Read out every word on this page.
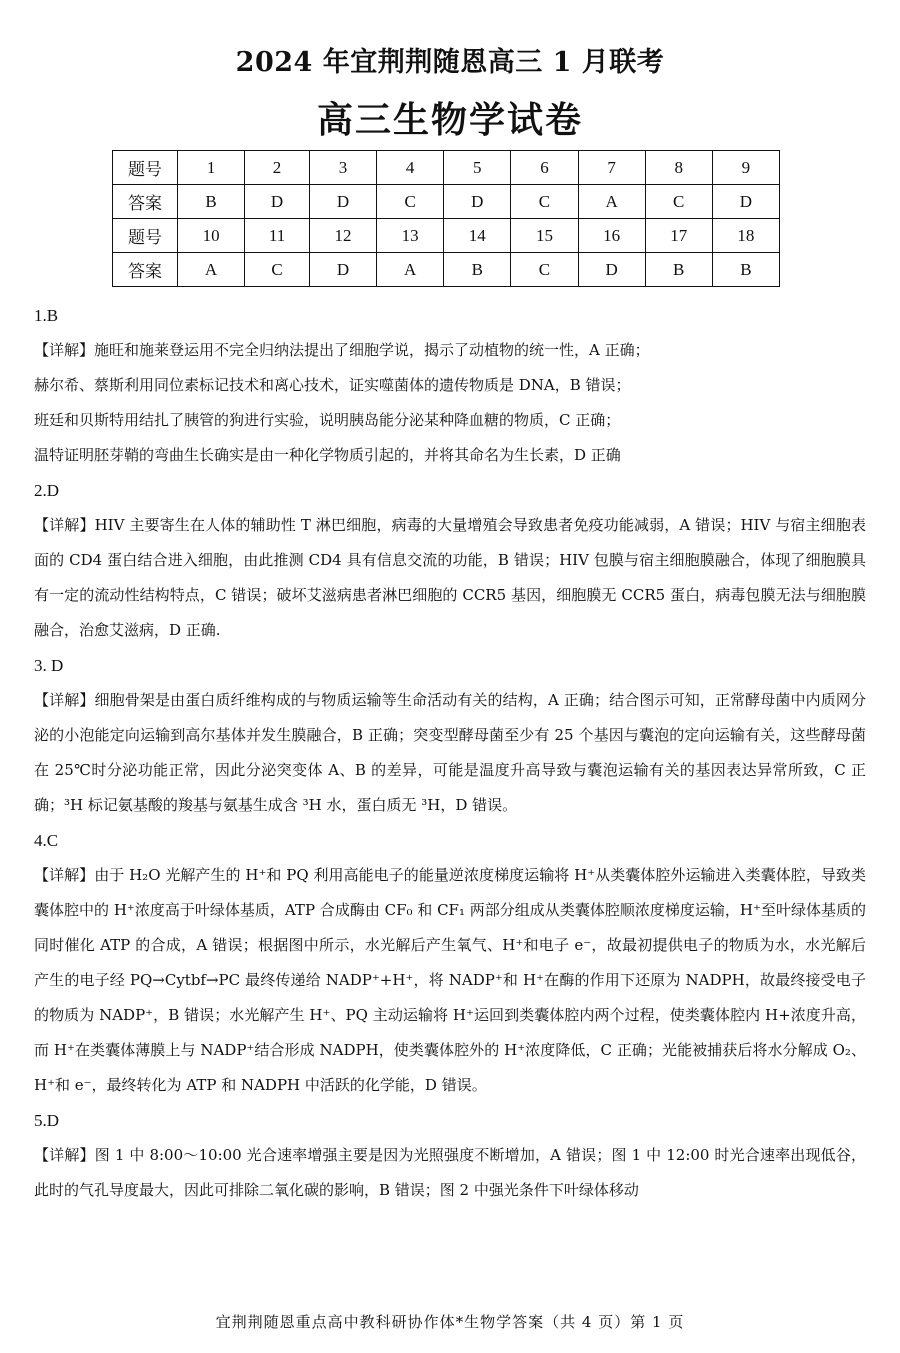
2024 年宜荆荆随恩高三 1 月联考
高三生物学试卷
题号	1	2	3	4	5	6	7	8	9
答案	B	D	D	C	D	C	A	C	D
题号	10	11	12	13	14	15	16	17	18
答案	A	C	D	A	B	C	D	B	B
1.B
【详解】施旺和施莱登运用不完全归纳法提出了细胞学说，揭示了动植物的统一性，A 正确；
赫尔希、蔡斯利用同位素标记技术和离心技术，证实噬菌体的遗传物质是 DNA，B 错误；
班廷和贝斯特用结扎了胰管的狗进行实验，说明胰岛能分泌某种降血糖的物质，C 正确；
温特证明胚芽鞘的弯曲生长确实是由一种化学物质引起的，并将其命名为生长素，D 正确
2.D
【详解】HIV 主要寄生在人体的辅助性 T 淋巴细胞，病毒的大量增殖会导致患者免疫功能减弱，A 错误；HIV 与宿主细胞表面的 CD4 蛋白结合进入细胞，由此推测 CD4 具有信息交流的功能，B 错误；HIV 包膜与宿主细胞膜融合，体现了细胞膜具有一定的流动性结构特点，C 错误；破坏艾滋病患者淋巴细胞的 CCR5 基因，细胞膜无 CCR5 蛋白，病毒包膜无法与细胞膜融合，治愈艾滋病，D 正确.
3. D
【详解】细胞骨架是由蛋白质纤维构成的与物质运输等生命活动有关的结构，A 正确；结合图示可知，正常酵母菌中内质网分泌的小泡能定向运输到高尔基体并发生膜融合，B 正确；突变型酵母菌至少有 25 个基因与囊泡的定向运输有关，这些酵母菌在 25℃时分泌功能正常，因此分泌突变体 A、B 的差异，可能是温度升高导致与囊泡运输有关的基因表达异常所致，C 正确；³H 标记氨基酸的羧基与氨基生成含 ³H 水，蛋白质无 ³H，D 错误。
4.C
【详解】由于 H₂O 光解产生的 H⁺和 PQ 利用高能电子的能量逆浓度梯度运输将 H⁺从类囊体腔外运输进入类囊体腔，导致类囊体腔中的 H⁺浓度高于叶绿体基质，ATP 合成酶由 CF₀ 和 CF₁ 两部分组成从类囊体腔顺浓度梯度运输，H⁺至叶绿体基质的同时催化 ATP 的合成，A 错误；根据图中所示，水光解后产生氧气、H⁺和电子 e⁻，故最初提供电子的物质为水，水光解后产生的电子经 PQ→Cytbf→PC 最终传递给 NADP⁺+H⁺，将 NADP⁺和 H⁺在酶的作用下还原为 NADPH，故最终接受电子的物质为 NADP⁺，B 错误；水光解产生 H⁺、PQ 主动运输将 H⁺运回到类囊体腔内两个过程，使类囊体腔内 H+浓度升高，而 H⁺在类囊体薄膜上与 NADP⁺结合形成 NADPH，使类囊体腔外的 H⁺浓度降低，C 正确；光能被捕获后将水分解成 O₂、H⁺和 e⁻，最终转化为 ATP 和 NADPH 中活跃的化学能，D 错误。
5.D
【详解】图 1 中 8:00～10:00 光合速率增强主要是因为光照强度不断增加，A 错误；图 1 中 12:00 时光合速率出现低谷，此时的气孔导度最大，因此可排除二氧化碳的影响，B 错误；图 2 中强光条件下叶绿体移动
宜荆荆随恩重点高中教科研协作体*生物学答案（共 4 页）第 1 页
